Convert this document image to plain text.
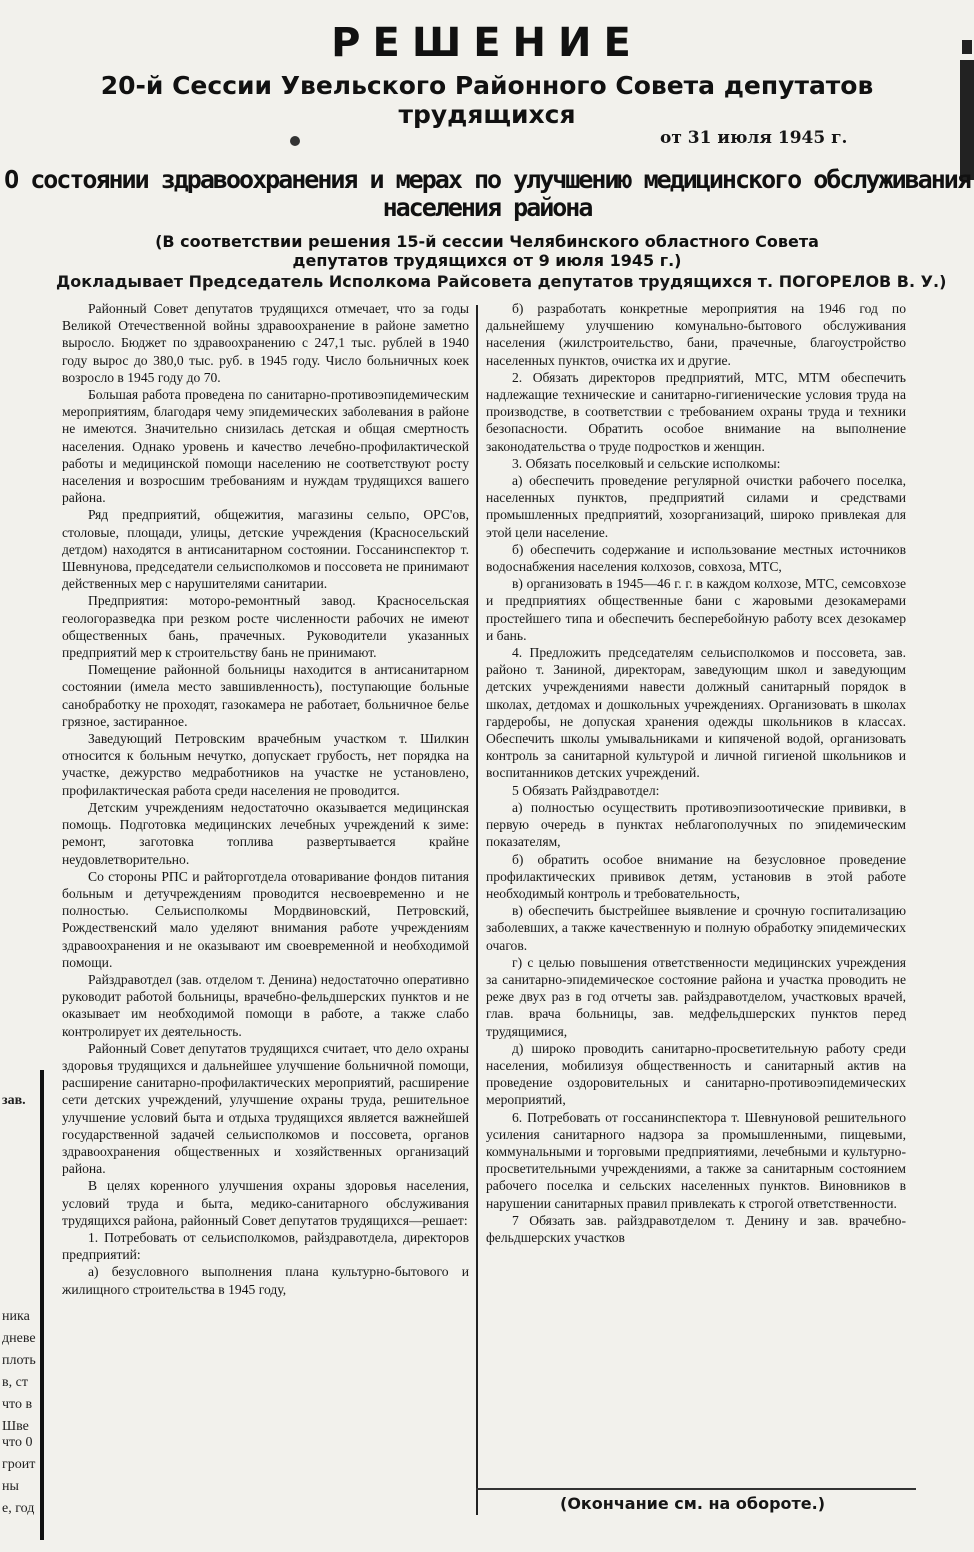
РЕШЕНИЕ
20-й Сессии Увельского Районного Совета депутатов
трудящихся
от 31 июля 1945 г.
О состоянии здравоохранения и мерах по улучшению медицинского обслуживания
населения района
(В соответствии решения 15-й сессии Челябинского областного Совета
депутатов трудящихся от 9 июля 1945 г.)
Докладывает Председатель Исполкома Райсовета депутатов трудящихся т. ПОГОРЕЛОВ В. У.)

Районный Совет депутатов трудящихся отмечает, что за годы Великой Отечественной войны здравоохранение в районе заметно выросло. Бюджет по здравоохранению с 247,1 тыс. рублей в 1940 году вырос до 380,0 тыс. руб. в 1945 году. Число больничных коек возросло в 1945 году до 70.

Большая работа проведена по санитарно-противоэпидемическим мероприятиям, благодаря чему эпидемических заболевания в районе не имеются. Значительно снизилась детская и общая смертность населения. Однако уровень и качество лечебно-профилактической работы и медицинской помощи населению не соответствуют росту населения и возросшим требованиям и нуждам трудящихся вашего района.

Ряд предприятий, общежития, магазины сельпо, ОРС'ов, столовые, площади, улицы, детские учреждения (Красносельский детдом) находятся в антисанитарном состоянии. Госсанинспектор т. Шевнунова, председатели сельисполкомов и поссовета не принимают действенных мер с нарушителями санитарии.

Предприятия: моторо-ремонтный завод. Красносельская геологоразведка при резком росте численности рабочих не имеют общественных бань, прачечных. Руководители указанных предприятий мер к строительству бань не принимают.

Помещение районной больницы находится в антисанитарном состоянии (имела место завшивленность), поступающие больные санобработку не проходят, газокамера не работает, больничное белье грязное, застиранное.

Заведующий Петровским врачебным участком т. Шилкин относится к больным нечутко, допускает грубость, нет порядка на участке, дежурство медработников на участке не установлено, профилактическая работа среди населения не проводится.

Детским учреждениям недостаточно оказывается медицинская помощь. Подготовка медицинских лечебных учреждений к зиме: ремонт, заготовка топлива развертывается крайне неудовлетворительно.

Со стороны РПС и райторготдела отоваривание фондов питания больным и детучреждениям проводится несвоевременно и не полностью. Сельисполкомы Мордвиновский, Петровский, Рождественский мало уделяют внимания работе учреждениям здравоохранения и не оказывают им своевременной и необходимой помощи.

Райздравотдел (зав. отделом т. Денина) недостаточно оперативно руководит работой больницы, врачебно-фельдшерских пунктов и не оказывает им необходимой помощи в работе, а также слабо контролирует их деятельность.

Районный Совет депутатов трудящихся считает, что дело охраны здоровья трудящихся и дальнейшее улучшение больничной помощи, расширение санитарно-профилактических мероприятий, расширение сети детских учреждений, улучшение охраны труда, решительное улучшение условий быта и отдыха трудящихся является важнейшей государственной задачей сельисполкомов и поссовета, органов здравоохранения общественных и хозяйственных организаций района.

В целях коренного улучшения охраны здоровья населения, условий труда и быта, медико-санитарного обслуживания трудящихся района, районный Совет депутатов трудящихся—решает:

1. Потребовать от сельисполкомов, райздравотдела, директоров предприятий:

а) безусловного выполнения плана культурно-бытового и жилищного строительства в 1945 году,

б) разработать конкретные мероприятия на 1946 год по дальнейшему улучшению комунально-бытового обслуживания населения (жилстроительство, бани, прачечные, благоустройство населенных пунктов, очистка их и другие.

2. Обязать директоров предприятий, МТС, МТМ обеспечить надлежащие технические и санитарно-гигиенические условия труда на производстве, в соответствии с требованием охраны труда и техники безопасности. Обратить особое внимание на выполнение законодательства о труде подростков и женщин.

3. Обязать поселковый и сельские исполкомы:

а) обеспечить проведение регулярной очистки рабочего поселка, населенных пунктов, предприятий силами и средствами промышленных предприятий, хозорганизаций, широко привлекая для этой цели население.

б) обеспечить содержание и использование местных источников водоснабжения населения колхозов, совхоза, МТС,

в) организовать в 1945—46 г. г. в каждом колхозе, МТС, семсовхозе и предприятиях общественные бани с жаровыми дезокамерами простейшего типа и обеспечить бесперебойную работу всех дезокамер и бань.

4. Предложить председателям сельисполкомов и поссовета, зав. районо т. Заниной, директорам, заведующим школ и заведующим детских учреждениями навести должный санитарный порядок в школах, детдомах и дошкольных учреждениях. Организовать в школах гардеробы, не допуская хранения одежды школьников в классах. Обеспечить школы умывальниками и кипяченой водой, организовать контроль за санитарной культурой и личной гигиеной школьников и воспитанников детских учреждений.

5 Обязать Райздравотдел:

а) полностью осуществить противоэпизоотические прививки, в первую очередь в пунктах неблагополучных по эпидемическим показателям,

б) обратить особое внимание на безусловное проведение профилактических прививок детям, установив в этой работе необходимый контроль и требовательность,

в) обеспечить быстрейшее выявление и срочную госпитализацию заболевших, а также качественную и полную обработку эпидемических очагов.

г) с целью повышения ответственности медицинских учреждения за санитарно-эпидемическое состояние района и участка проводить не реже двух раз в год отчеты зав. райздравотделом, участковых врачей, глав. врача больницы, зав. медфельдшерских пунктов перед трудящимися,

д) широко проводить санитарно-просветительную работу среди населения, мобилизуя общественность и санитарный актив на проведение оздоровительных и санитарно-противоэпидемических мероприятий,

6. Потребовать от госсанинспектора т. Шевнуновой решительного усиления санитарного надзора за промышленными, пищевыми, коммунальными и торговыми предприятиями, лечебными и культурно-просветительными учреждениями, а также за санитарным состоянием рабочего поселка и сельских населенных пунктов. Виновников в нарушении санитарных правил привлекать к строгой ответственности.

7 Обязать зав. райздравотделом т. Денину и зав. врачебно-фельдшерских участков

(Окончание см. на обороте.)
зав.
ника
дневе
плоть
в, ст
что в
Шве
что 0
гроит
ны
е, год
